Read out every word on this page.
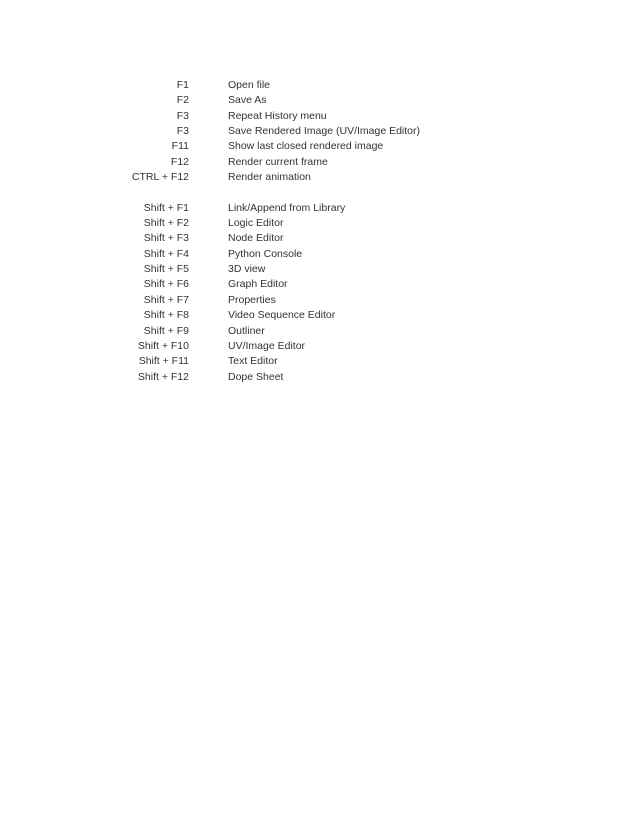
F1	Open file
F2	Save As
F3	Repeat History menu
F3	Save Rendered Image (UV/Image Editor)
F11	Show last closed rendered image
F12	Render current frame
CTRL + F12	Render animation
Shift + F1	Link/Append from Library
Shift + F2	Logic Editor
Shift + F3	Node Editor
Shift + F4	Python Console
Shift + F5	3D view
Shift + F6	Graph Editor
Shift + F7	Properties
Shift + F8	Video Sequence Editor
Shift + F9	Outliner
Shift + F10	UV/Image Editor
Shift + F11	Text Editor
Shift + F12	Dope Sheet
